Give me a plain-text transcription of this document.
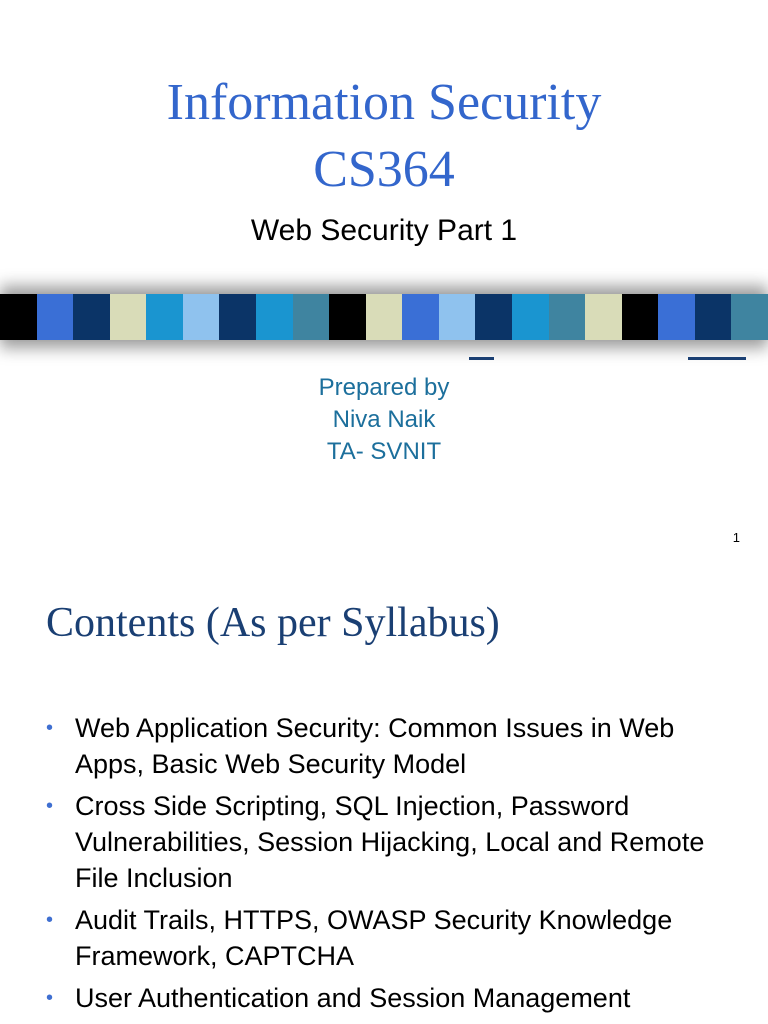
Information Security
CS364
Web Security Part 1
Prepared by
Niva Naik
TA- SVNIT
1
Contents (As per Syllabus)
• Web Application Security: Common Issues in Web Apps, Basic Web Security Model
• Cross Side Scripting, SQL Injection, Password Vulnerabilities, Session Hijacking, Local and Remote File Inclusion
• Audit Trails, HTTPS, OWASP Security Knowledge Framework, CAPTCHA
• User Authentication and Session Management
